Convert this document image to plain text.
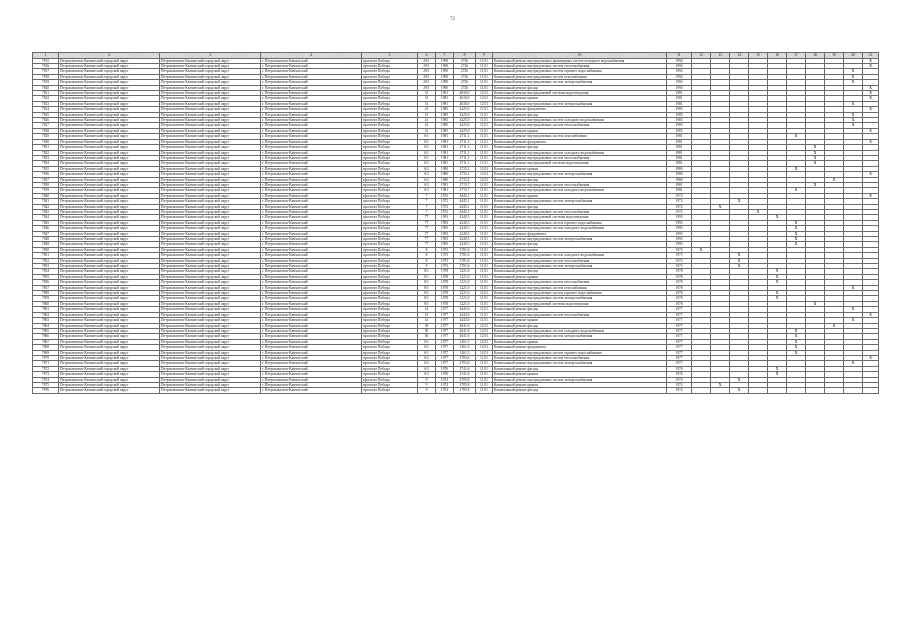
72
1	2	3	4	5	6	7	8	9	10	11	12	13	14	15	16	17	18	19	20	21
7815	Петропавловск-Камчатский городской округ	Петропавловск-Камчатский городской округ	г. Петропавловск-Камчатский	проспект Победы	29/1	1990	2726	11.01	Капитальный ремонт внутридомовых инженерных систем холодного водоснабжения	1994										X
7816	Петропавловск-Камчатский городской округ	Петропавловск-Камчатский городской округ	г. Петропавловск-Камчатский	проспект Победы	29/1	1990	2726	11.01	Капитальный ремонт внутридомовых систем теплоснабжения	1994										X
7817	Петропавловск-Камчатский городской округ	Петропавловск-Камчатский городской округ	г. Петропавловск-Камчатский	проспект Победы	29/1	1990	2726	11.01	Капитальный ремонт внутридомовых систем горячего водоснабжения	1994									X	
7818	Петропавловск-Камчатский городской округ	Петропавловск-Камчатский городской округ	г. Петропавловск-Камчатский	проспект Победы	29/1	1990	2726	11.01	Капитальный ремонт внутридомовых систем газоснабжения	1994									X	
7819	Петропавловск-Камчатский городской округ	Петропавловск-Камчатский городской округ	г. Петропавловск-Камчатский	проспект Победы	29/1	1990	2726	11.01	Капитальный ремонт внутридомовых систем электроснабжения	1994									X	
7820	Петропавловск-Камчатский городской округ	Петропавловск-Камчатский городской округ	г. Петропавловск-Камчатский	проспект Победы	29/1	1990	2726	11.01	Капитальный ремонт фасада	1994										X
7821	Петропавловск-Камчатский городской округ	Петропавловск-Камчатский городской округ	г. Петропавловск-Камчатский	проспект Победы	31	1981	4630,0	12.01	Капитальный ремонт внутридомовой системы водоотведения	1981										X
7822	Петропавловск-Камчатский городской округ	Петропавловск-Камчатский городской округ	г. Петропавловск-Камчатский	проспект Победы	31	1981	4630,0	12.01	Капитальный ремонт крыши	1981										X
7823	Петропавловск-Камчатский городской округ	Петропавловск-Камчатский городской округ	г. Петропавловск-Камчатский	проспект Победы	31	1981	4630,0	12.01	Капитальный ремонт внутридомовых систем электроснабжения	1981									X	
7824	Петропавловск-Камчатский городской округ	Петропавловск-Камчатский городской округ	г. Петропавловск-Камчатский	проспект Победы	41	1985	4425,0	11.01	Капитальный ремонт фундамента	1985										X
7825	Петропавловск-Камчатский городской округ	Петропавловск-Камчатский городской округ	г. Петропавловск-Камчатский	проспект Победы	41	1985	4425,0	11.01	Капитальный ремонт фасада	1985									X	
7826	Петропавловск-Камчатский городской округ	Петропавловск-Камчатский городской округ	г. Петропавловск-Камчатский	проспект Победы	41	1985	4425,0	11.01	Капитальный ремонт внутридомовых систем холодного водоснабжения	1985									X	
7827	Петропавловск-Камчатский городской округ	Петропавловск-Камчатский городской округ	г. Петропавловск-Камчатский	проспект Победы	41	1985	4425,0	11.01	Капитальный ремонт внутридомовых систем теплоснабжения	1985									X	
7828	Петропавловск-Камчатский городской округ	Петропавловск-Камчатский городской округ	г. Петропавловск-Камчатский	проспект Победы	41	1985	4425,0	11.01	Капитальный ремонт крыши	1985										X
7829	Петропавловск-Камчатский городской округ	Петропавловск-Камчатский городской округ	г. Петропавловск-Камчатский	проспект Победы	6/1	1981	2711,1	11.01	Капитальный ремонт внутридомовых систем газоснабжения	1981						X				
7830	Петропавловск-Камчатский городской округ	Петропавловск-Камчатский городской округ	г. Петропавловск-Камчатский	проспект Победы	6/1	1981	2711,1	11.01	Капитальный ремонт фундамента	1981										X
7831	Петропавловск-Камчатский городской округ	Петропавловск-Камчатский городской округ	г. Петропавловск-Камчатский	проспект Победы	6/1	1981	2711,1	11.01	Капитальный ремонт фасада	1981							X			
7832	Петропавловск-Камчатский городской округ	Петропавловск-Камчатский городской округ	г. Петропавловск-Камчатский	проспект Победы	6/1	1981	2711,1	11.01	Капитальный ремонт внутридомовых систем холодного водоснабжения	1981							X			
7833	Петропавловск-Камчатский городской округ	Петропавловск-Камчатский городской округ	г. Петропавловск-Камчатский	проспект Победы	6/1	1981	2711,1	11.01	Капитальный ремонт внутридомовых систем теплоснабжения	1981							X			
7834	Петропавловск-Камчатский городской округ	Петропавловск-Камчатский городской округ	г. Петропавловск-Камчатский	проспект Победы	6/1	1981	2711,1	11.01	Капитальный ремонт внутридомовой системы водоотведения	1981							X			
7835	Петропавловск-Камчатский городской округ	Петропавловск-Камчатский городской округ	г. Петропавловск-Камчатский	проспект Победы	6/2	1980	2735,2	12.01	Капитальный ремонт крыши	1980						X				
7836	Петропавловск-Камчатский городской округ	Петропавловск-Камчатский городской округ	г. Петропавловск-Камчатский	проспект Победы	6/2	1980	2735,2	12.01	Капитальный ремонт внутридомовых систем электроснабжения	1980										X
7837	Петропавловск-Камчатский городской округ	Петропавловск-Камчатский городской округ	г. Петропавловск-Камчатский	проспект Победы	6/2	1980	2735,2	12.01	Капитальный ремонт фасада	1980								X		
7838	Петропавловск-Камчатский городской округ	Петропавловск-Камчатский городской округ	г. Петропавловск-Камчатский	проспект Победы	6/3	1981	2715,7	11.01	Капитальный ремонт внутридомовых систем теплоснабжения	1981							X			
7839	Петропавловск-Камчатский городской округ	Петропавловск-Камчатский городской округ	г. Петропавловск-Камчатский	проспект Победы	6/3	1981	2715,7	11.01	Капитальный ремонт внутридомовых систем холодного водоснабжения	1981						X				
7840	Петропавловск-Камчатский городской округ	Петропавловск-Камчатский городской округ	г. Петропавловск-Камчатский	проспект Победы	7	1972	4445,1	11.01	Капитальный ремонт крыши	1972										X
7841	Петропавловск-Камчатский городской округ	Петропавловск-Камчатский городской округ	г. Петропавловск-Камчатский	проспект Победы	7	1972	4445,1	11.01	Капитальный ремонт внутридомовых систем электроснабжения	1972			X							
7842	Петропавловск-Камчатский городской округ	Петропавловск-Камчатский городской округ	г. Петропавловск-Камчатский	проспект Победы	7	1972	4445,1	11.01	Капитальный ремонт фасада	1972		X								
7843	Петропавловск-Камчатский городской округ	Петропавловск-Камчатский городской округ	г. Петропавловск-Камчатский	проспект Победы	7	1972	4445,1	11.01	Капитальный ремонт внутридомовых систем теплоснабжения	1972				X						
7844	Петропавловск-Камчатский городской округ	Петропавловск-Камчатский городской округ	г. Петропавловск-Камчатский	проспект Победы	77	1993	4240,5	11.01	Капитальный ремонт внутридомовой системы водоотведения	1993					X					
7845	Петропавловск-Камчатский городской округ	Петропавловск-Камчатский городской округ	г. Петропавловск-Камчатский	проспект Победы	77	1993	4240,5	11.01	Капитальный ремонт внутридомовых систем горячего водоснабжения	1993						X				
7846	Петропавловск-Камчатский городской округ	Петропавловск-Камчатский городской округ	г. Петропавловск-Камчатский	проспект Победы	77	1993	4240,5	11.01	Капитальный ремонт внутридомовых систем холодного водоснабжения	1993						X				
7847	Петропавловск-Камчатский городской округ	Петропавловск-Камчатский городской округ	г. Петропавловск-Камчатский	проспект Победы	77	1993	4240,5	11.01	Капитальный ремонт фундамента	1993						X				
7848	Петропавловск-Камчатский городской округ	Петропавловск-Камчатский городской округ	г. Петропавловск-Камчатский	проспект Победы	77	1993	4240,5	11.01	Капитальный ремонт внутридомовых систем электроснабжения	1993						X				
7849	Петропавловск-Камчатский городской округ	Петропавловск-Камчатский городской округ	г. Петропавловск-Камчатский	проспект Победы	77	1993	4240,5	11.01	Капитальный ремонт фасада	1993						X				
7850	Петропавловск-Камчатский городской округ	Петропавловск-Камчатский городской округ	г. Петропавловск-Камчатский	проспект Победы	8	1973	3781,6	11.01	Капитальный ремонт крыши	1973	X									
7851	Петропавловск-Камчатский городской округ	Петропавловск-Камчатский городской округ	г. Петропавловск-Камчатский	проспект Победы	8	1973	3781,6	11.01	Капитальный ремонт внутридомовых систем холодного водоснабжения	1973			X							
7852	Петропавловск-Камчатский городской округ	Петропавловск-Камчатский городской округ	г. Петропавловск-Камчатский	проспект Победы	8	1973	3781,6	11.01	Капитальный ремонт внутридомовых систем теплоснабжения	1973			X							
7853	Петропавловск-Камчатский городской округ	Петропавловск-Камчатский городской округ	г. Петропавловск-Камчатский	проспект Победы	8	1973	3781,6	11.01	Капитальный ремонт внутридомовых систем электроснабжения	1973			X							
7854	Петропавловск-Камчатский городской округ	Петропавловск-Камчатский городской округ	г. Петропавловск-Камчатский	проспект Победы	8/1	1978	1221,0	11.01	Капитальный ремонт фасада	1978					X					
7855	Петропавловск-Камчатский городской округ	Петропавловск-Камчатский городской округ	г. Петропавловск-Камчатский	проспект Победы	8/1	1978	1221,0	11.01	Капитальный ремонт крыши	1978					X					
7856	Петропавловск-Камчатский городской округ	Петропавловск-Камчатский городской округ	г. Петропавловск-Камчатский	проспект Победы	8/1	1978	1221,0	11.01	Капитальный ремонт внутридомовых систем теплоснабжения	1978					X					
7857	Петропавловск-Камчатский городской округ	Петропавловск-Камчатский городской округ	г. Петропавловск-Камчатский	проспект Победы	8/1	1978	1221,0	11.01	Капитальный ремонт внутридомовых систем газоснабжения	1978									X	
7858	Петропавловск-Камчатский городской округ	Петропавловск-Камчатский городской округ	г. Петропавловск-Камчатский	проспект Победы	8/1	1978	1221,0	11.01	Капитальный ремонт внутридомовых систем горячего водоснабжения	1978					X					
7859	Петропавловск-Камчатский городской округ	Петропавловск-Камчатский городской округ	г. Петропавловск-Камчатский	проспект Победы	8/1	1978	1221,0	11.01	Капитальный ремонт внутридомовых систем электроснабжения	1978					X					
7860	Петропавловск-Камчатский городской округ	Петропавловск-Камчатский городской округ	г. Петропавловск-Камчатский	проспект Победы	8/1	1978	1221,0	11.01	Капитальный ремонт внутридомовой системы водоотведения	1978							X			
7861	Петропавловск-Камчатский городской округ	Петропавловск-Камчатский городской округ	г. Петропавловск-Камчатский	проспект Победы	41	1977	4443,6	11.01	Капитальный ремонт фасада	1977									X	
7862	Петропавловск-Камчатский городской округ	Петропавловск-Камчатский городской округ	г. Петропавловск-Камчатский	проспект Победы	41	1977	4443,6	11.01	Капитальный ремонт внутридомовых систем теплоснабжения	1977										X
7863	Петропавловск-Камчатский городской округ	Петропавловск-Камчатский городской округ	г. Петропавловск-Камчатский	проспект Победы	41	1977	4443,6	11.01	Капитальный ремонт крыши	1977									X	
7864	Петропавловск-Камчатский городской округ	Петропавловск-Камчатский городской округ	г. Петропавловск-Камчатский	проспект Победы	30	1977	4041,6	12.01	Капитальный ремонт фасада	1977								X		
7865	Петропавловск-Камчатский городской округ	Петропавловск-Камчатский городской округ	г. Петропавловск-Камчатский	проспект Победы	30	1977	4041,6	12.01	Капитальный ремонт внутридомовых систем холодного водоснабжения	1977						X				
7866	Петропавловск-Камчатский городской округ	Петропавловск-Камчатский городской округ	г. Петропавловск-Камчатский	проспект Победы	30	1977	4041,6	12.01	Капитальный ремонт внутридомовых систем электроснабжения	1977						X				
7867	Петропавловск-Камчатский городской округ	Петропавловск-Камчатский городской округ	г. Петропавловск-Камчатский	проспект Победы	6/1	1977	1261,5	12.01	Капитальный ремонт крыши	1977						X				
7868	Петропавловск-Камчатский городской округ	Петропавловск-Камчатский городской округ	г. Петропавловск-Камчатский	проспект Победы	6/1	1977	1261,5	12.01	Капитальный ремонт фундамента	1977						X				
7869	Петропавловск-Камчатский городской округ	Петропавловск-Камчатский городской округ	г. Петропавловск-Камчатский	проспект Победы	6/1	1977	1261,5	12.01	Капитальный ремонт внутридомовых систем горячего водоснабжения	1977						X				
7870	Петропавловск-Камчатский городской округ	Петропавловск-Камчатский городской округ	г. Петропавловск-Камчатский	проспект Победы	6/2	1977	2783,6	11.01	Капитальный ремонт внутридомовых систем теплоснабжения	1977										X
7871	Петропавловск-Камчатский городской округ	Петропавловск-Камчатский городской округ	г. Петропавловск-Камчатский	проспект Победы	6/2	1977	2783,6	11.01	Капитальный ремонт внутридомовых систем электроснабжения	1977									X	
7872	Петропавловск-Камчатский городской округ	Петропавловск-Камчатский городской округ	г. Петропавловск-Камчатский	проспект Победы	6/3	1976	2741,6	11.01	Капитальный ремонт фасада	1976					X					
7873	Петропавловск-Камчатский городской округ	Петропавловск-Камчатский городской округ	г. Петропавловск-Камчатский	проспект Победы	6/3	1976	2741,6	11.01	Капитальный ремонт крыши	1976					X					
7874	Петропавловск-Камчатский городской округ	Петропавловск-Камчатский городской округ	г. Петропавловск-Камчатский	проспект Победы	9	1974	2785,8	11.01	Капитальный ремонт внутридомовых систем электроснабжения	1974			X							
7875	Петропавловск-Камчатский городской округ	Петропавловск-Камчатский городской округ	г. Петропавловск-Камчатский	проспект Победы	9	1974	2785,8	11.01	Капитальный ремонт крыши	1974		X								
7876	Петропавловск-Камчатский городской округ	Петропавловск-Камчатский городской округ	г. Петропавловск-Камчатский	проспект Победы	9	1974	2785,8	11.01	Капитальный ремонт фасада	1974			X							
